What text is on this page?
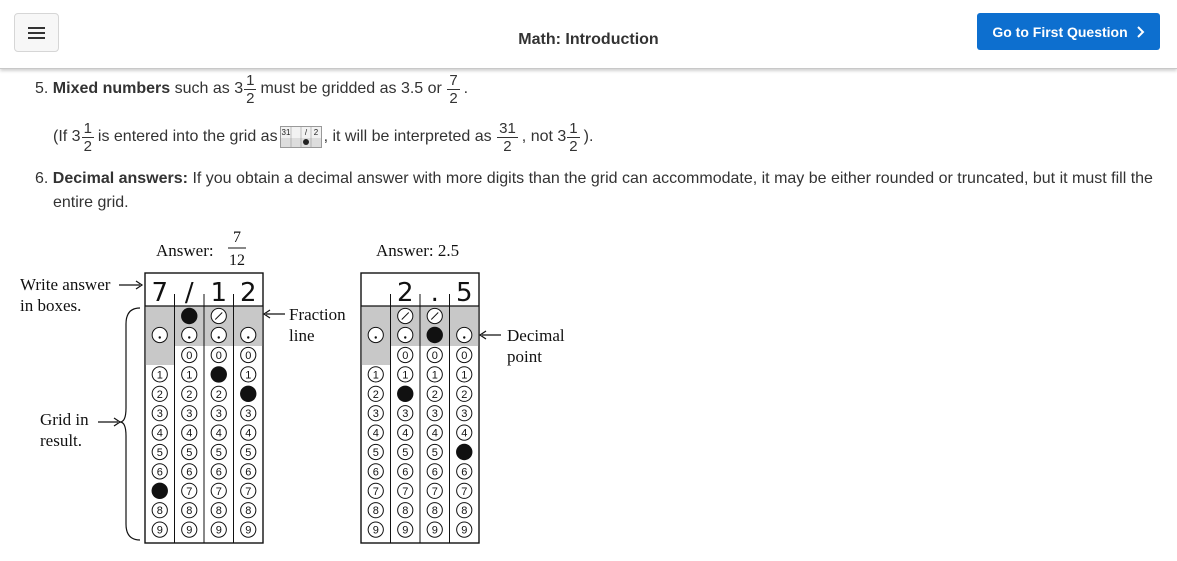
Math: Introduction	Go to First Question
5.
Mixed numbers
such as $3 \frac{1}{2}$ must be gridded as 3.5 or
$\frac{7}{2}$ .
(If $3 \frac{1}{2}$ is entered into the grid as 31 / 2 , it will be interpreted as
$\frac{31}{2}$ , not $3 \frac{1}{2}$ ).
6.
Decimal answers:
If you obtain a decimal answer with more digits than the grid can accommodate, it may be either rounded or truncated, but it must fill the
entire grid.
Answer:
7
12
Answer: 2.5
Write answer
in boxes.
Grid in
result.
Fraction
line	Decimal
point
7 / 1 2
1
2
3
4
5
6
8
9
0
1
2
3
4
5
6
7
8
9
0
2
3
4
5
6
7
8
9
0
1
3
4
5
6
7
8
9
2 . 5
1
2
3
4
5
6
7
8
9
0
1
3
4
5
6
7
8
9
0
1
2
3
4
5
6
7
8
9
0
1
2
3
4
6
7
8
9
